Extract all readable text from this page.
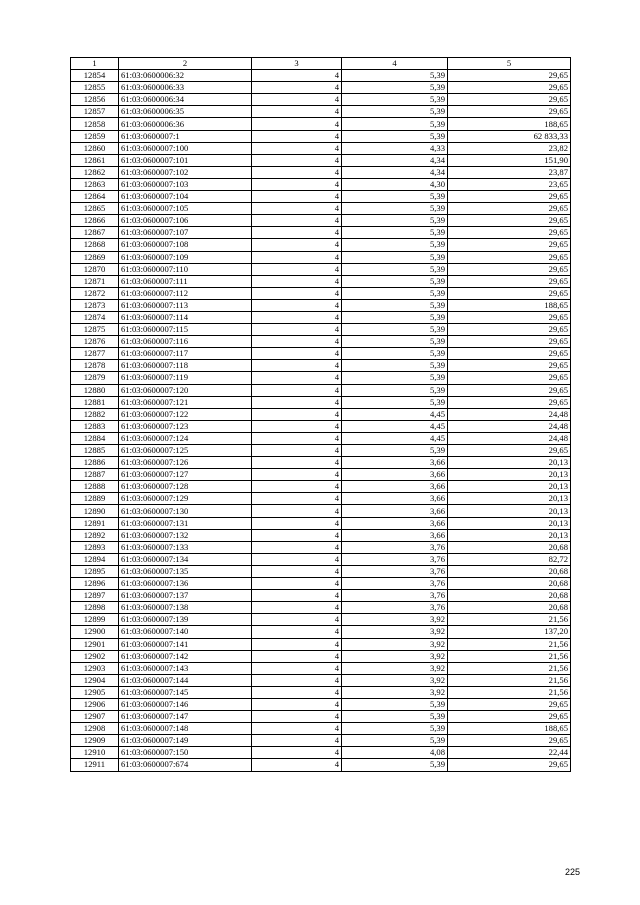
1	2	3	4	5
12854	61:03:0600006:32	4	5,39	29,65
12855	61:03:0600006:33	4	5,39	29,65
12856	61:03:0600006:34	4	5,39	29,65
12857	61:03:0600006:35	4	5,39	29,65
12858	61:03:0600006:36	4	5,39	188,65
12859	61:03:0600007:1	4	5,39	62 833,33
12860	61:03:0600007:100	4	4,33	23,82
12861	61:03:0600007:101	4	4,34	151,90
12862	61:03:0600007:102	4	4,34	23,87
12863	61:03:0600007:103	4	4,30	23,65
12864	61:03:0600007:104	4	5,39	29,65
12865	61:03:0600007:105	4	5,39	29,65
12866	61:03:0600007:106	4	5,39	29,65
12867	61:03:0600007:107	4	5,39	29,65
12868	61:03:0600007:108	4	5,39	29,65
12869	61:03:0600007:109	4	5,39	29,65
12870	61:03:0600007:110	4	5,39	29,65
12871	61:03:0600007:111	4	5,39	29,65
12872	61:03:0600007:112	4	5,39	29,65
12873	61:03:0600007:113	4	5,39	188,65
12874	61:03:0600007:114	4	5,39	29,65
12875	61:03:0600007:115	4	5,39	29,65
12876	61:03:0600007:116	4	5,39	29,65
12877	61:03:0600007:117	4	5,39	29,65
12878	61:03:0600007:118	4	5,39	29,65
12879	61:03:0600007:119	4	5,39	29,65
12880	61:03:0600007:120	4	5,39	29,65
12881	61:03:0600007:121	4	5,39	29,65
12882	61:03:0600007:122	4	4,45	24,48
12883	61:03:0600007:123	4	4,45	24,48
12884	61:03:0600007:124	4	4,45	24,48
12885	61:03:0600007:125	4	5,39	29,65
12886	61:03:0600007:126	4	3,66	20,13
12887	61:03:0600007:127	4	3,66	20,13
12888	61:03:0600007:128	4	3,66	20,13
12889	61:03:0600007:129	4	3,66	20,13
12890	61:03:0600007:130	4	3,66	20,13
12891	61:03:0600007:131	4	3,66	20,13
12892	61:03:0600007:132	4	3,66	20,13
12893	61:03:0600007:133	4	3,76	20,68
12894	61:03:0600007:134	4	3,76	82,72
12895	61:03:0600007:135	4	3,76	20,68
12896	61:03:0600007:136	4	3,76	20,68
12897	61:03:0600007:137	4	3,76	20,68
12898	61:03:0600007:138	4	3,76	20,68
12899	61:03:0600007:139	4	3,92	21,56
12900	61:03:0600007:140	4	3,92	137,20
12901	61:03:0600007:141	4	3,92	21,56
12902	61:03:0600007:142	4	3,92	21,56
12903	61:03:0600007:143	4	3,92	21,56
12904	61:03:0600007:144	4	3,92	21,56
12905	61:03:0600007:145	4	3,92	21,56
12906	61:03:0600007:146	4	5,39	29,65
12907	61:03:0600007:147	4	5,39	29,65
12908	61:03:0600007:148	4	5,39	188,65
12909	61:03:0600007:149	4	5,39	29,65
12910	61:03:0600007:150	4	4,08	22,44
12911	61:03:0600007:674	4	5,39	29,65
225
